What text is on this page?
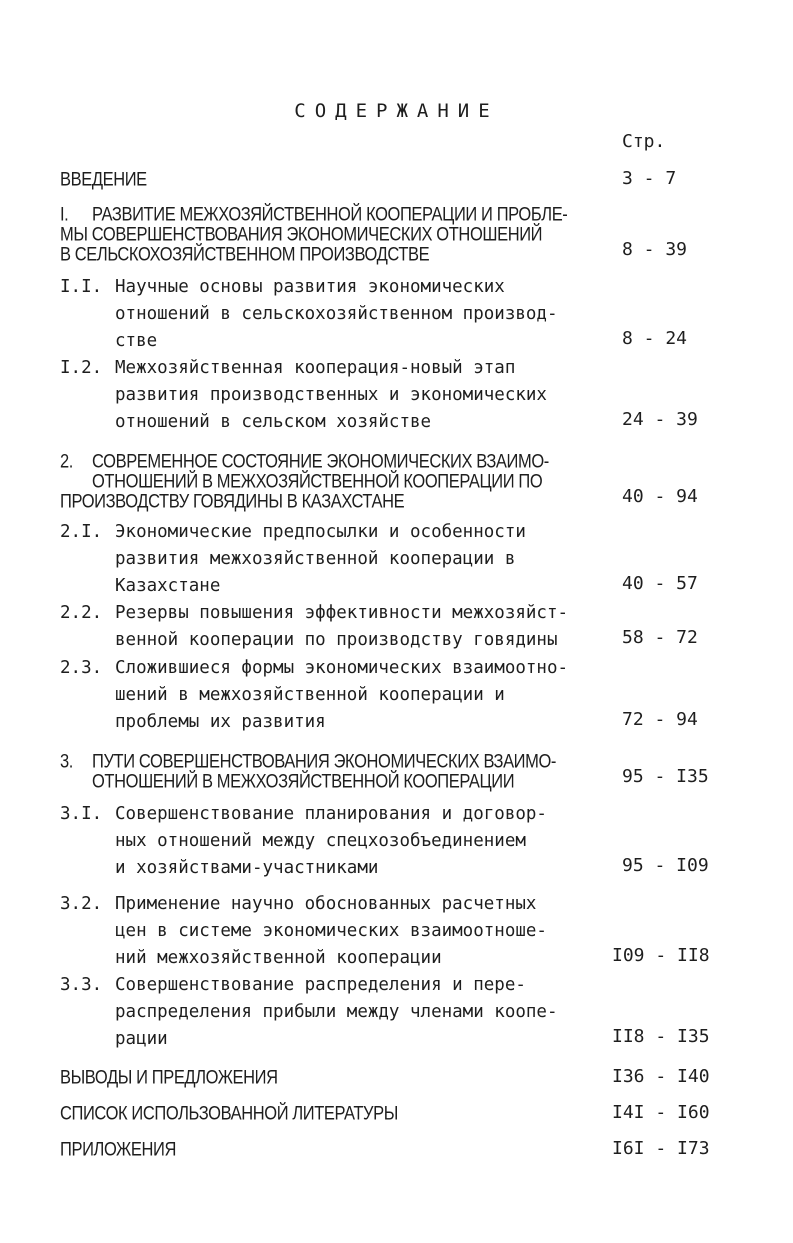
СОДЕРЖАНИЕ
Стр.
ВВЕДЕНИЕ	3 - 7
I. РАЗВИТИЕ МЕЖХОЗЯЙСТВЕННОЙ КООПЕРАЦИИ И ПРОБЛЕ-
МЫ СОВЕРШЕНСТВОВАНИЯ ЭКОНОМИЧЕСКИХ ОТНОШЕНИЙ
В СЕЛЬСКОХОЗЯЙСТВЕННОМ ПРОИЗВОДСТВЕ	8 - 39
I.I. Научные основы развития экономических
отношений в сельскохозяйственном производ-
стве	8 - 24
I.2. Межхозяйственная кооперация-новый этап
развития производственных и экономических
отношений в сельском хозяйстве	24 - 39
2. СОВРЕМЕННОЕ СОСТОЯНИЕ ЭКОНОМИЧЕСКИХ ВЗАИМО-
ОТНОШЕНИЙ В МЕЖХОЗЯЙСТВЕННОЙ КООПЕРАЦИИ ПО
ПРОИЗВОДСТВУ ГОВЯДИНЫ В КАЗАХСТАНЕ	40 - 94
2.I. Экономические предпосылки и особенности
развития межхозяйственной кооперации в
Казахстане	40 - 57
2.2. Резервы повышения эффективности межхозяйст-
венной кооперации по производству говядины	58 - 72
2.3. Сложившиеся формы экономических взаимоотно-
шений в межхозяйственной кооперации и
проблемы их развития	72 - 94
3. ПУТИ СОВЕРШЕНСТВОВАНИЯ ЭКОНОМИЧЕСКИХ ВЗАИМО-
ОТНОШЕНИЙ В МЕЖХОЗЯЙСТВЕННОЙ КООПЕРАЦИИ	95 - I35
3.I. Совершенствование планирования и договор-
ных отношений между спецхозобъединением
и хозяйствами-участниками	95 - I09
3.2. Применение научно обоснованных расчетных
цен в системе экономических взаимоотноше-
ний межхозяйственной кооперации	I09 - II8
3.3. Совершенствование распределения и пере-
распределения прибыли между членами коопе-
рации	II8 - I35
ВЫВОДЫ И ПРЕДЛОЖЕНИЯ	I36 - I40
СПИСОК ИСПОЛЬЗОВАННОЙ ЛИТЕРАТУРЫ	I4I - I60
ПРИЛОЖЕНИЯ	I6I - I73
